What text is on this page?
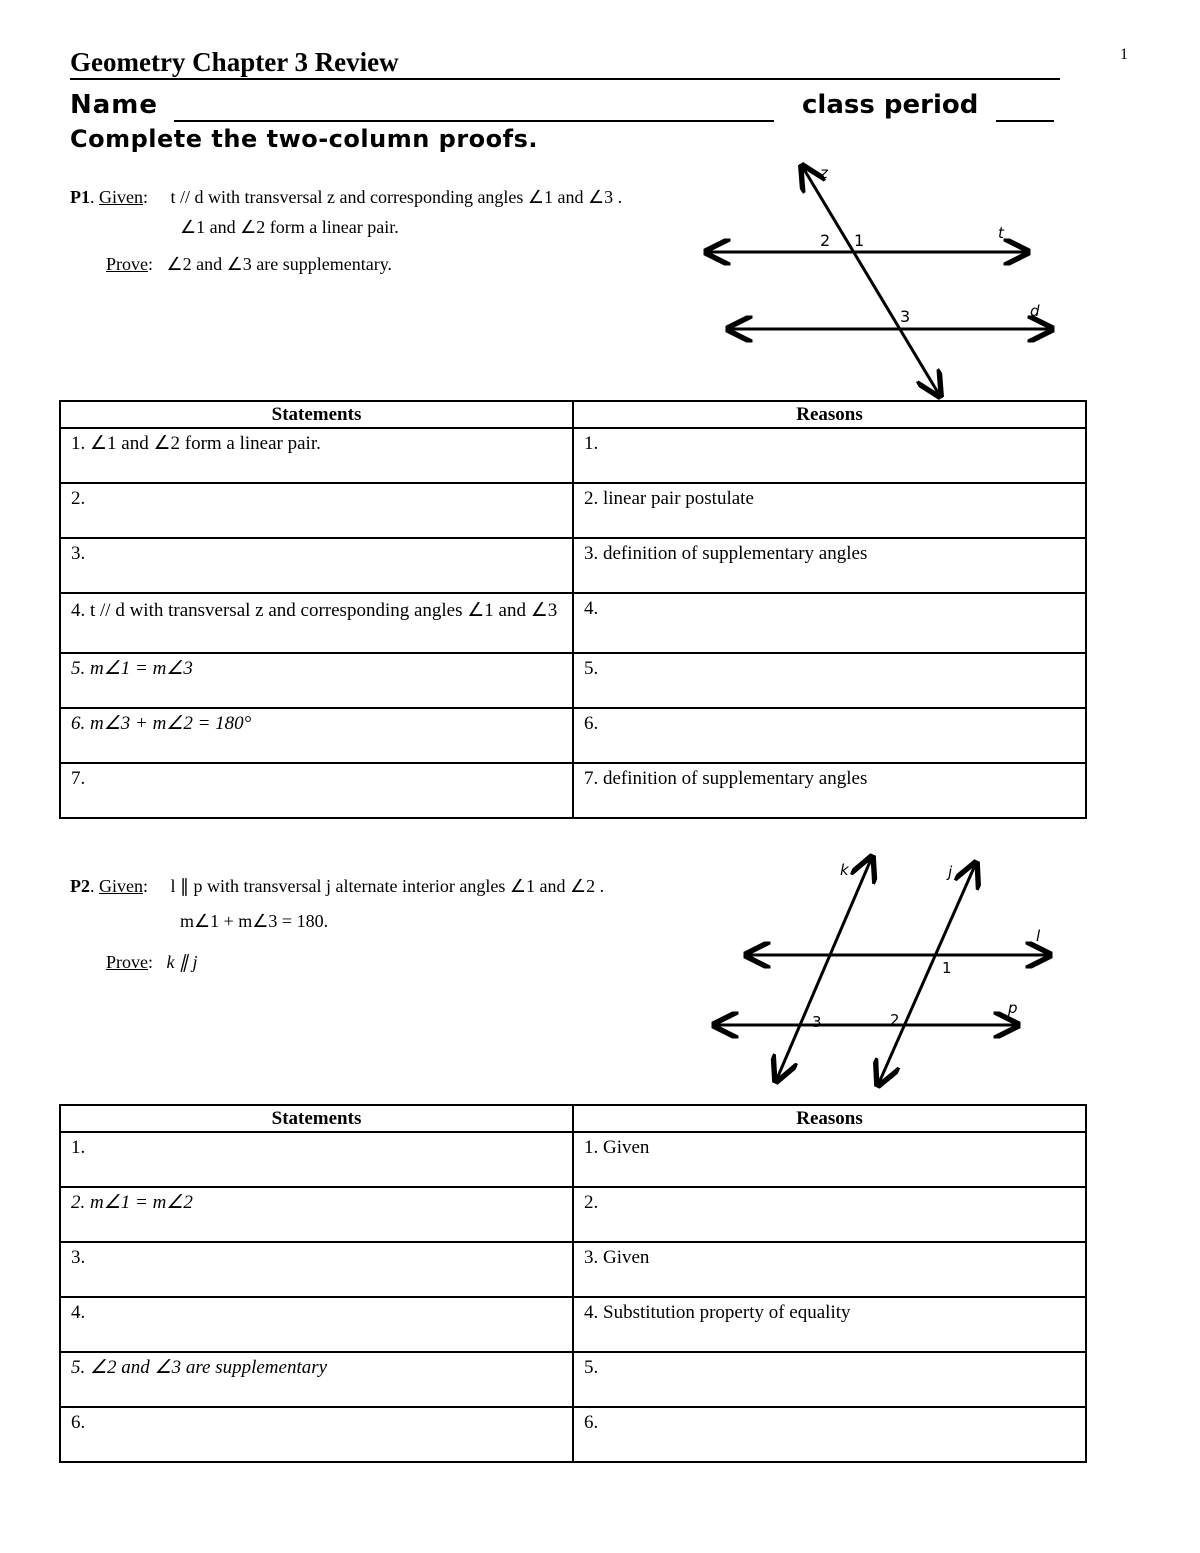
1
Geometry Chapter 3 Review
Name	class period
Complete the two-column proofs.
P1. Given:     t // d with transversal z and corresponding angles ∠1 and ∠3 .
∠1 and ∠2 form a linear pair.
Prove:   ∠2 and ∠3 are supplementary.
z
2 1	t
3	d
Statements	Reasons
1. ∠1 and ∠2 form a linear pair.	1.
2.	2. linear pair postulate
3.	3. definition of supplementary angles
4. t // d with transversal z and corresponding angles ∠1 and ∠3	4.
5. m∠1 = m∠3	5.
6. m∠3 + m∠2 = 180°	6.
7.	7. definition of supplementary angles
P2. Given:     l ∥ p with transversal j alternate interior angles ∠1 and ∠2 .
m∠1 + m∠3 = 180.
Prove:   k ∥ j
k	j
l
1
p
3	2
Statements	Reasons
1.	1. Given
2. m∠1 = m∠2	2.
3.	3. Given
4.	4. Substitution property of equality
5. ∠2 and ∠3 are supplementary	5.
6.	6.
